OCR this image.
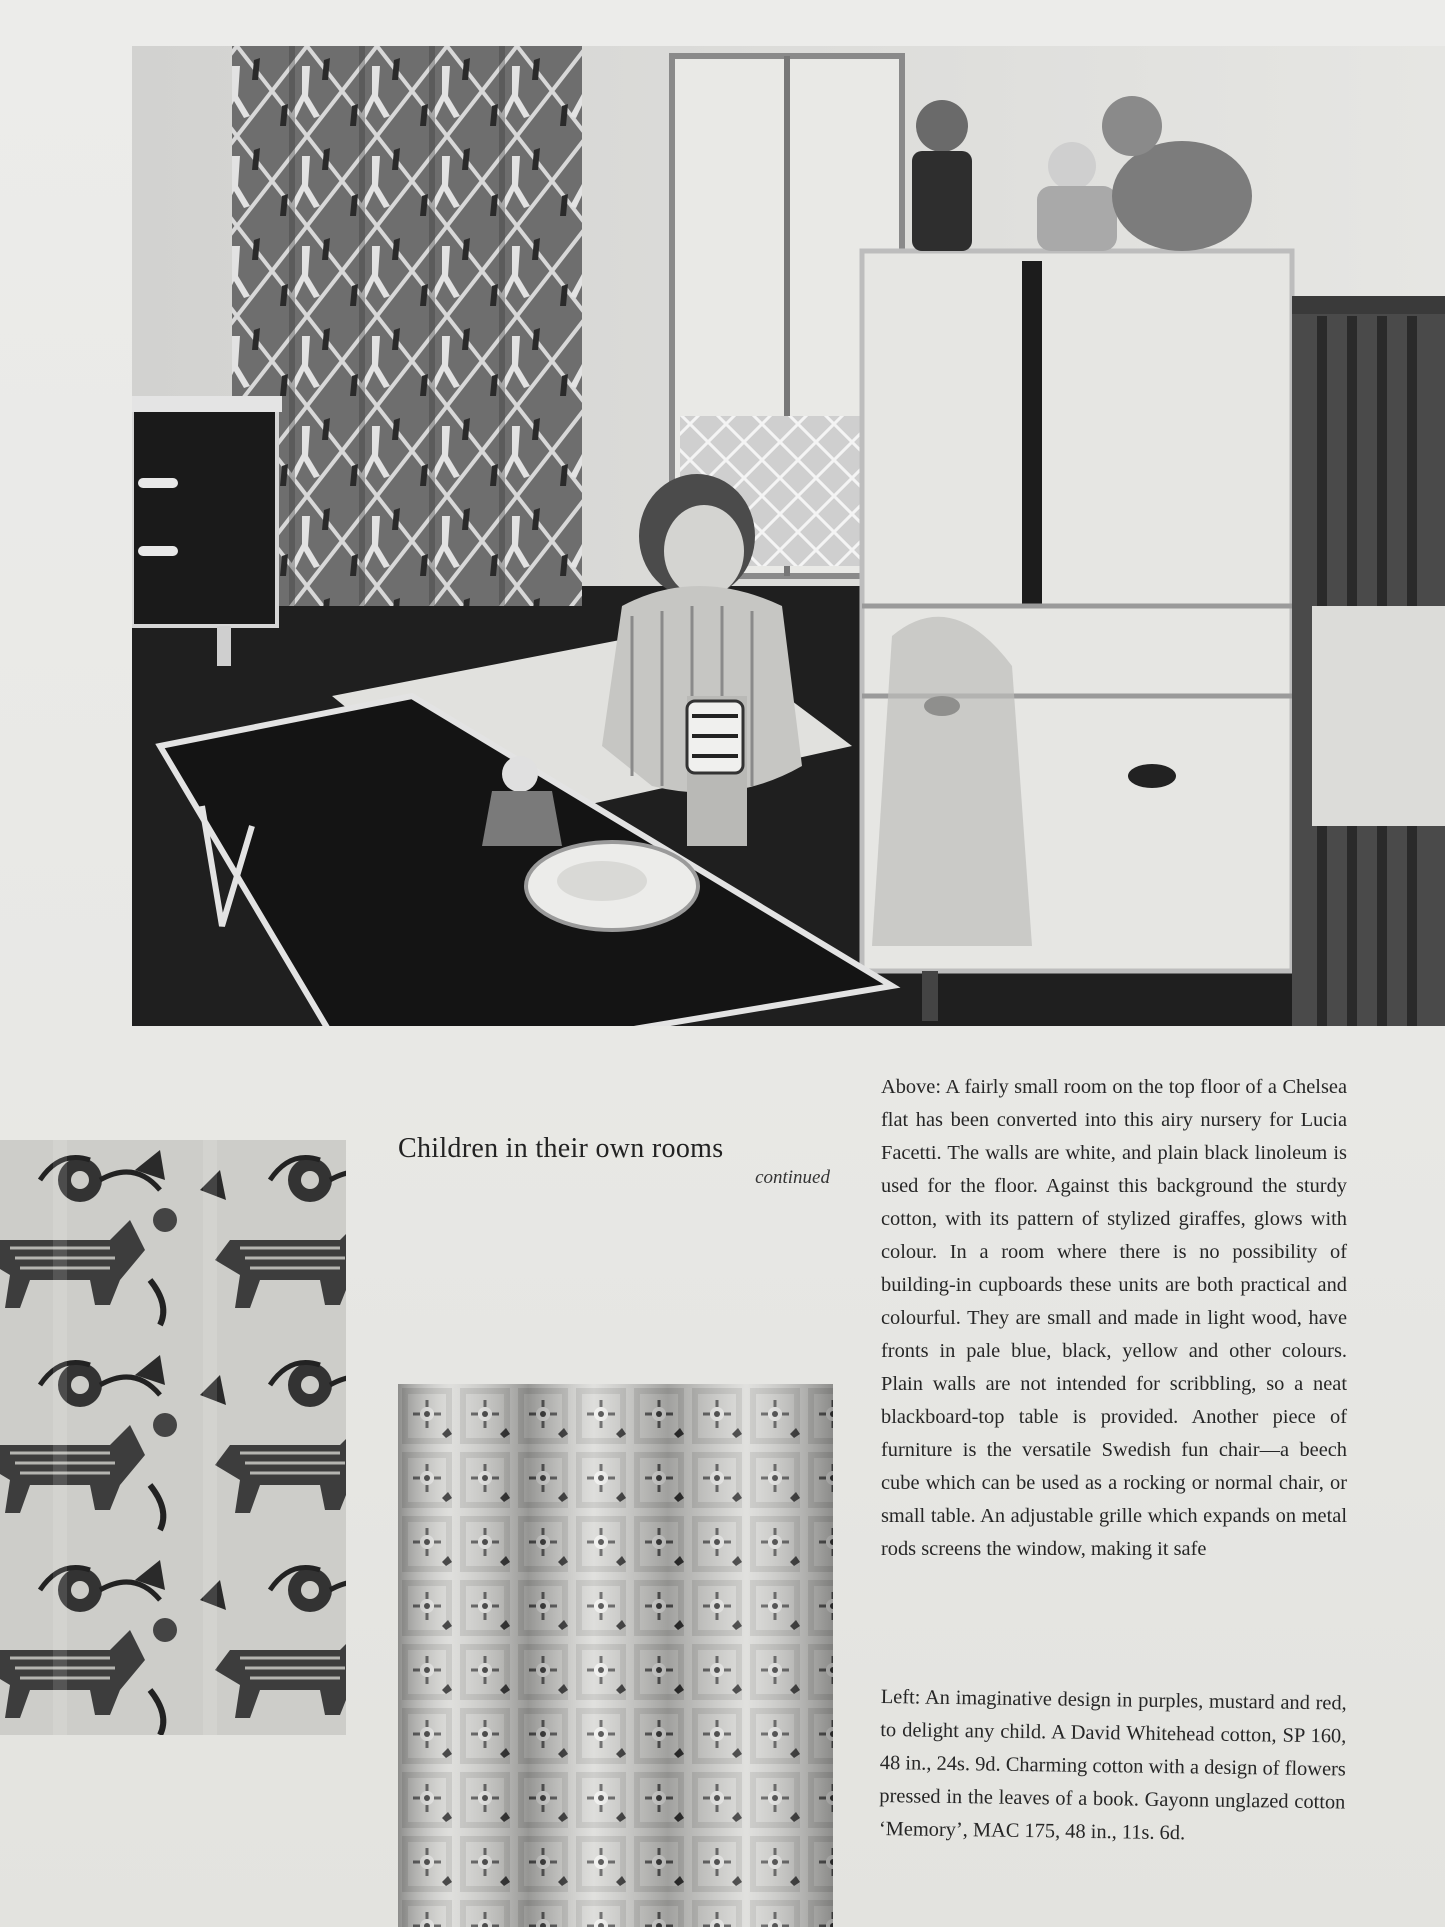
Children in their own rooms
continued

Above: A fairly small room on the top floor of a Chelsea flat has been converted into this airy nursery for Lucia Facetti. The walls are white, and plain black linoleum is used for the floor. Against this background the sturdy cotton, with its pattern of stylized giraffes, glows with colour. In a room where there is no possibility of building-in cupboards these units are both practical and colourful. They are small and made in light wood, have fronts in pale blue, black, yellow and other colours. Plain walls are not intended for scribbling, so a neat blackboard-top table is provided. Another piece of furniture is the versatile Swedish fun chair—a beech cube which can be used as a rocking or normal chair, or small table. An adjustable grille which expands on metal rods screens the window, making it safe

Left: An imaginative design in purples, mustard and red, to delight any child. A David Whitehead cotton, SP 160, 48 in., 24s. 9d. Charming cotton with a design of flowers pressed in the leaves of a book. Gayonn unglazed cotton ‘Memory’, MAC 175, 48 in., 11s. 6d.
